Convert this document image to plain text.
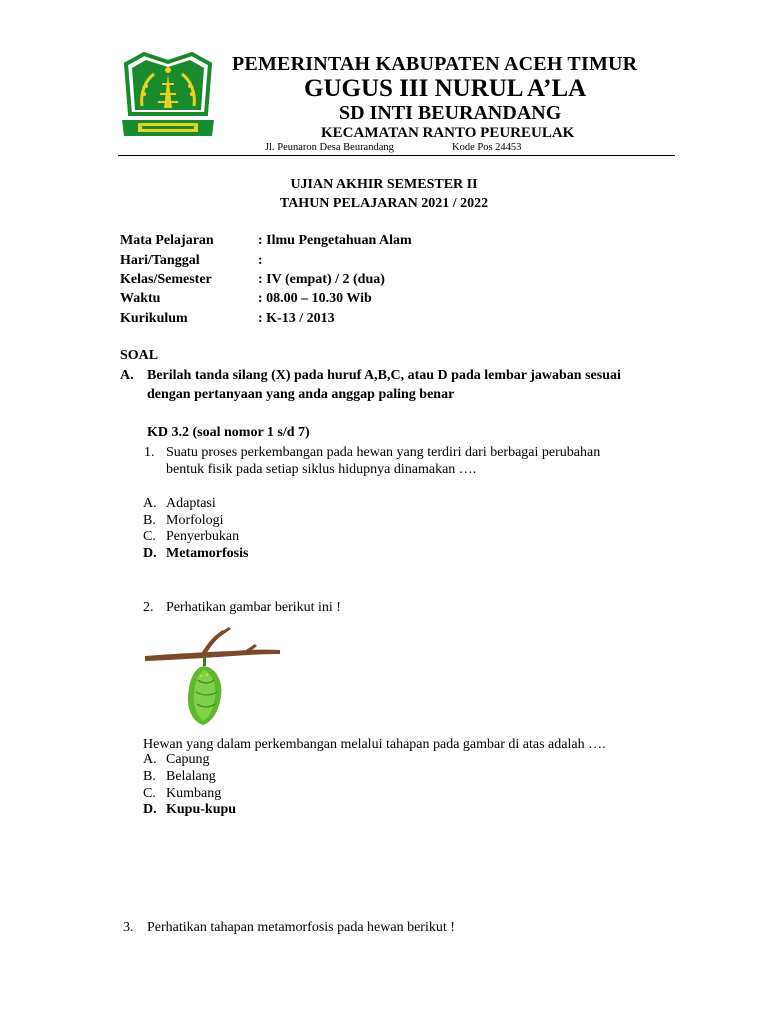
PEMERINTAH KABUPATEN ACEH TIMUR
GUGUS III NURUL A’LA
SD INTI BEURANDANG
KECAMATAN RANTO PEUREULAK
Jl. Peunaron Desa Beurandang	Kode Pos 24453
UJIAN AKHIR SEMESTER II
TAHUN PELAJARAN 2021 / 2022
Mata Pelajaran	: Ilmu Pengetahuan Alam
Hari/Tanggal	:
Kelas/Semester	: IV (empat) / 2 (dua)
Waktu	: 08.00 – 10.30 Wib
Kurikulum	: K-13 / 2013
SOAL
A. Berilah tanda silang (X) pada huruf A,B,C, atau D pada lembar jawaban sesuai
dengan pertanyaan yang anda anggap paling benar
KD 3.2 (soal nomor 1 s/d 7)
1. Suatu proses perkembangan pada hewan yang terdiri dari berbagai perubahan
bentuk fisik pada setiap siklus hidupnya dinamakan ….
A. Adaptasi
B. Morfologi
C. Penyerbukan
D. Metamorfosis
2. Perhatikan gambar berikut ini !
Hewan yang dalam perkembangan melalui tahapan pada gambar di atas adalah ….
A. Capung
B. Belalang
C. Kumbang
D. Kupu-kupu
3. Perhatikan tahapan metamorfosis pada hewan berikut !
